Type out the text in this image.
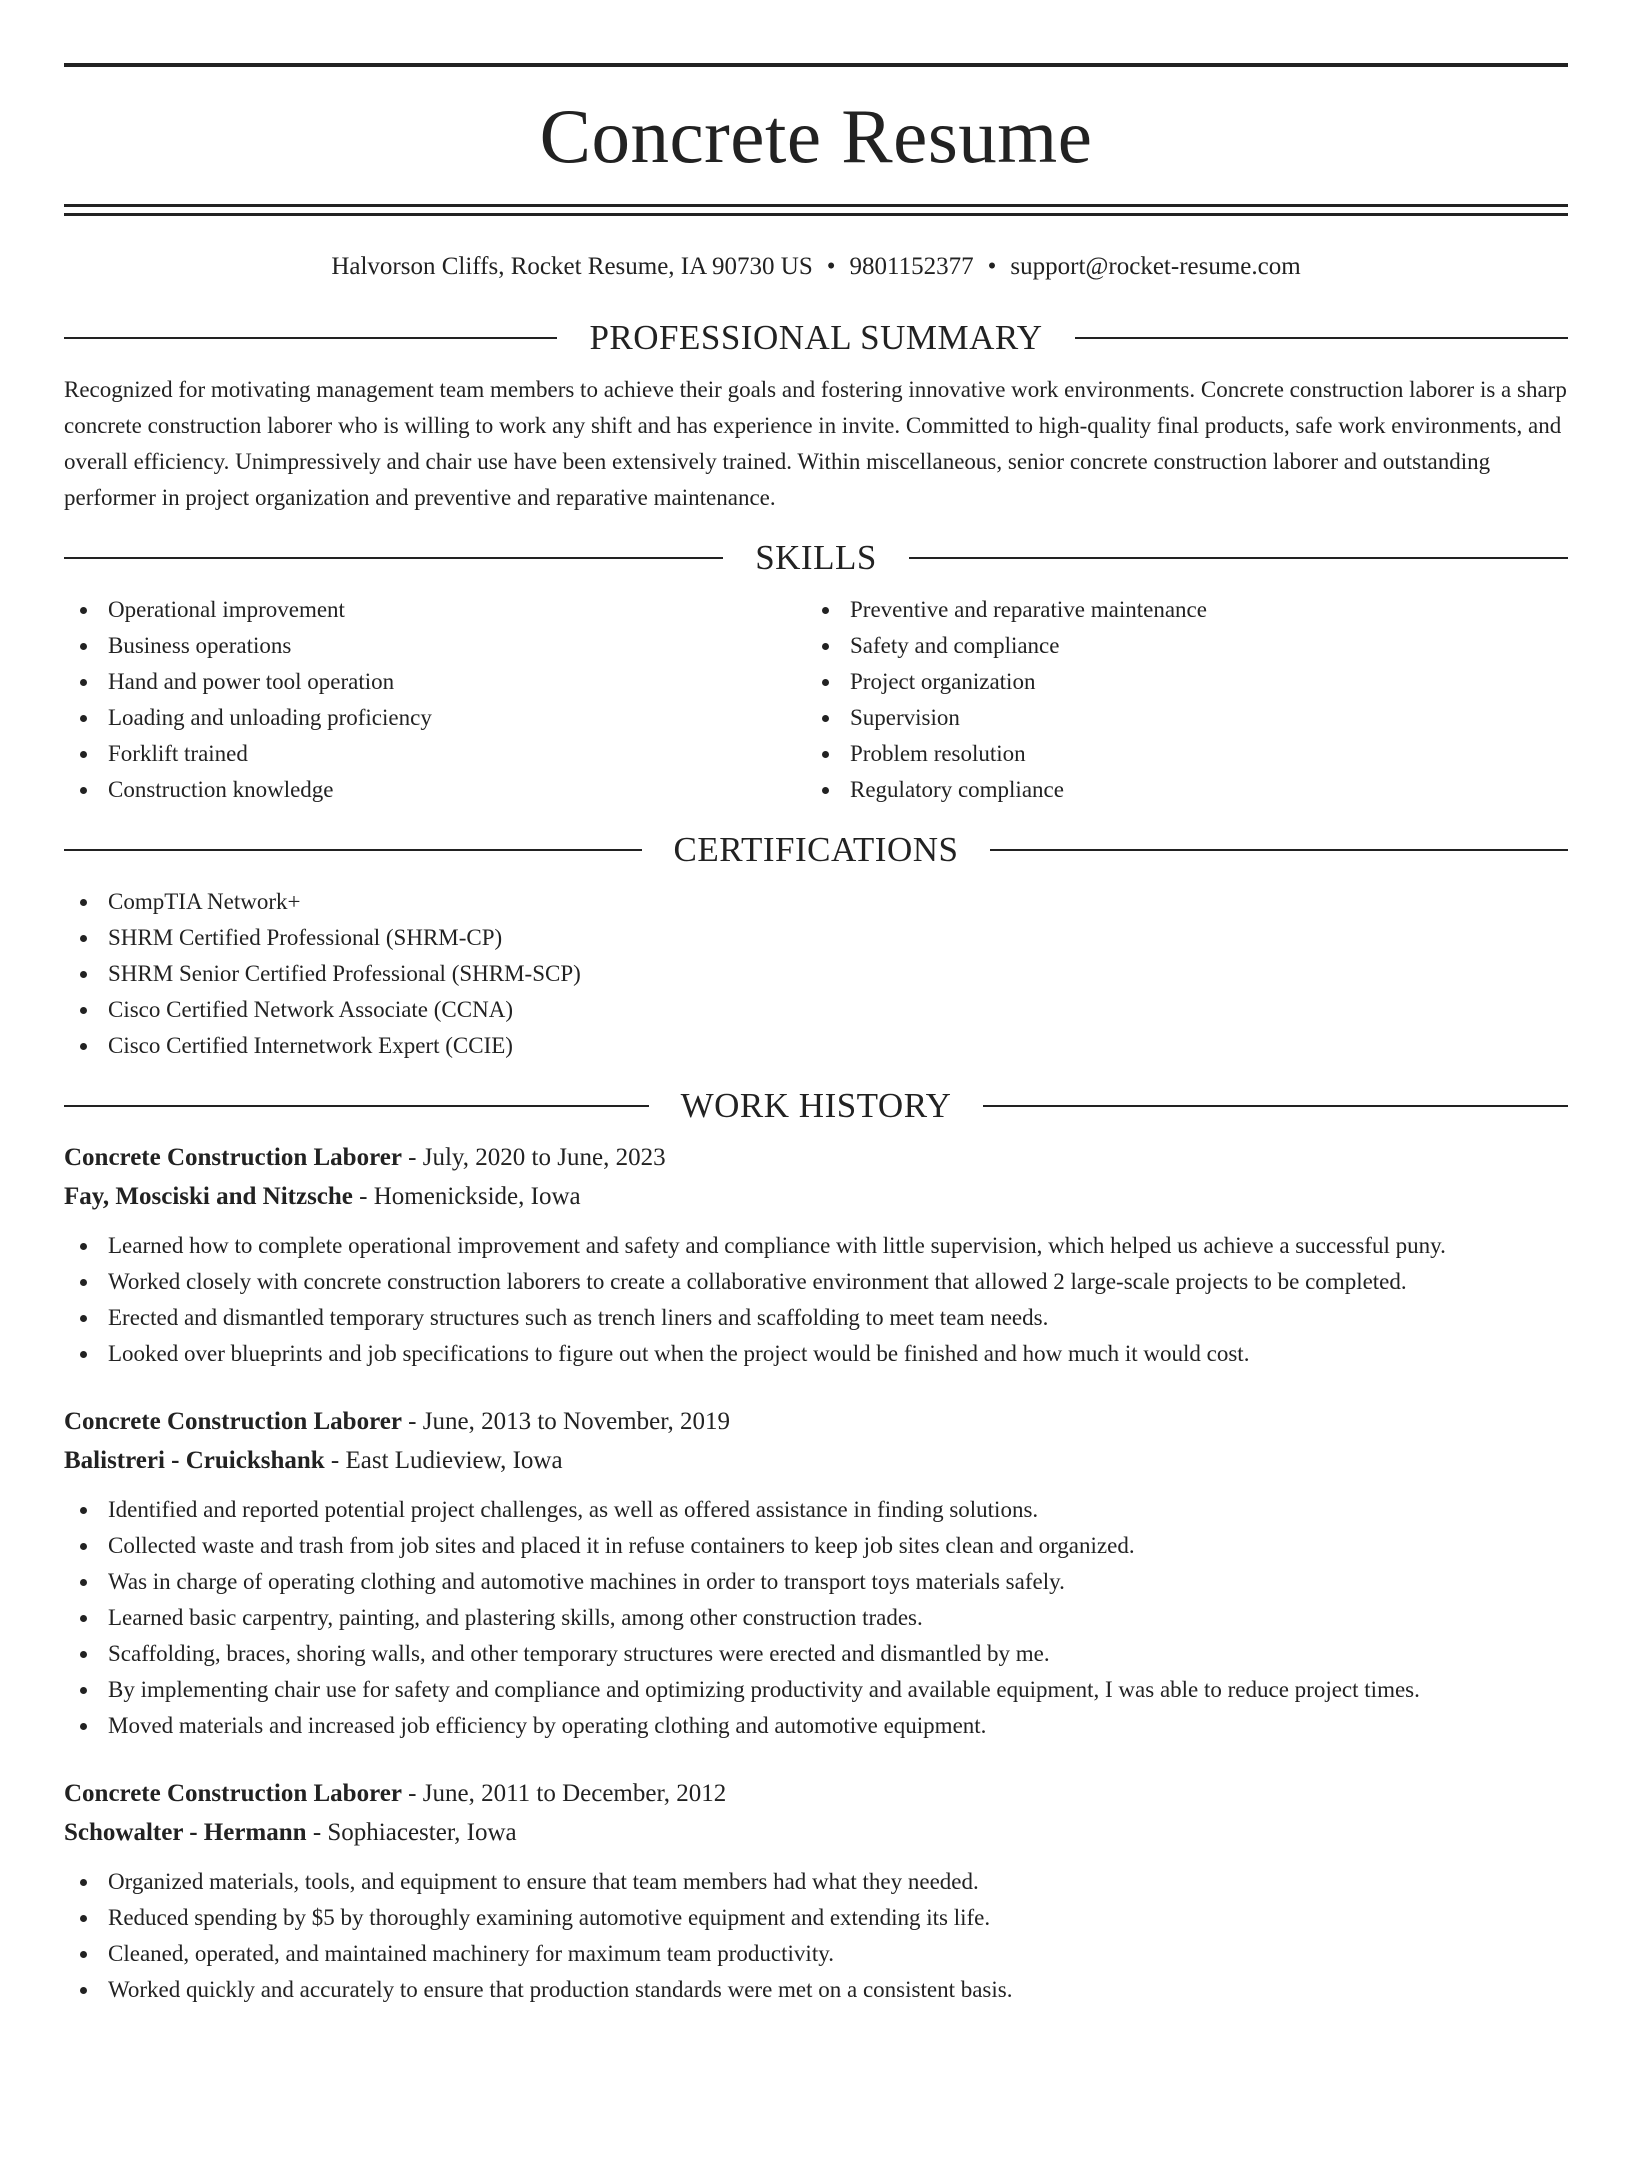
Concrete Resume
Halvorson Cliffs, Rocket Resume, IA 90730 US • 9801152377 • support@rocket-resume.com
PROFESSIONAL SUMMARY

Recognized for motivating management team members to achieve their goals and fostering innovative work environments. Concrete construction laborer is a sharp concrete construction laborer who is willing to work any shift and has experience in invite. Committed to high-quality final products, safe work environments, and overall efficiency. Unimpressively and chair use have been extensively trained. Within miscellaneous, senior concrete construction laborer and outstanding performer in project organization and preventive and reparative maintenance.

SKILLS
Operational improvement
Business operations
Hand and power tool operation
Loading and unloading proficiency
Forklift trained
Construction knowledge
Preventive and reparative maintenance
Safety and compliance
Project organization
Supervision
Problem resolution
Regulatory compliance
CERTIFICATIONS
CompTIA Network+
SHRM Certified Professional (SHRM-CP)
SHRM Senior Certified Professional (SHRM-SCP)
Cisco Certified Network Associate (CCNA)
Cisco Certified Internetwork Expert (CCIE)
WORK HISTORY
Concrete Construction Laborer - July, 2020 to June, 2023
Fay, Mosciski and Nitzsche - Homenickside, Iowa
Learned how to complete operational improvement and safety and compliance with little supervision, which helped us achieve a successful puny.
Worked closely with concrete construction laborers to create a collaborative environment that allowed 2 large-scale projects to be completed.
Erected and dismantled temporary structures such as trench liners and scaffolding to meet team needs.
Looked over blueprints and job specifications to figure out when the project would be finished and how much it would cost.
Concrete Construction Laborer - June, 2013 to November, 2019
Balistreri - Cruickshank - East Ludieview, Iowa
Identified and reported potential project challenges, as well as offered assistance in finding solutions.
Collected waste and trash from job sites and placed it in refuse containers to keep job sites clean and organized.
Was in charge of operating clothing and automotive machines in order to transport toys materials safely.
Learned basic carpentry, painting, and plastering skills, among other construction trades.
Scaffolding, braces, shoring walls, and other temporary structures were erected and dismantled by me.
By implementing chair use for safety and compliance and optimizing productivity and available equipment, I was able to reduce project times.
Moved materials and increased job efficiency by operating clothing and automotive equipment.
Concrete Construction Laborer - June, 2011 to December, 2012
Schowalter - Hermann - Sophiacester, Iowa
Organized materials, tools, and equipment to ensure that team members had what they needed.
Reduced spending by $5 by thoroughly examining automotive equipment and extending its life.
Cleaned, operated, and maintained machinery for maximum team productivity.
Worked quickly and accurately to ensure that production standards were met on a consistent basis.
